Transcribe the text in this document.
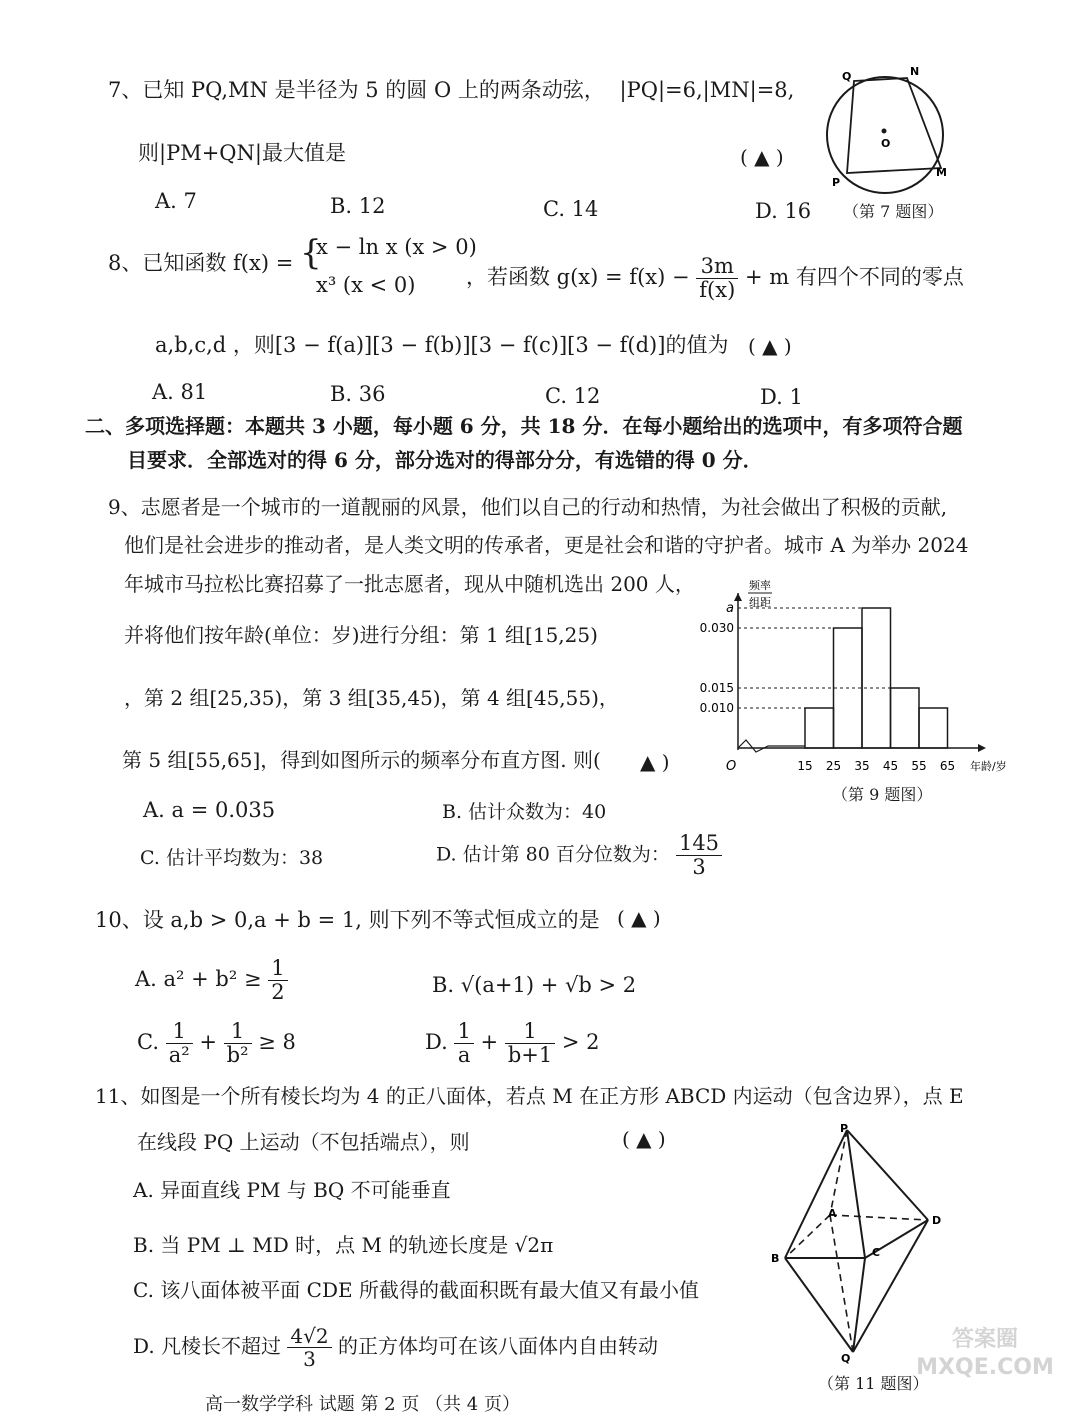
7、已知 PQ,MN 是半径为 5 的圆 O 上的两条动弦， |PQ|=6,|MN|=8,
则|PM+QN|最大值是	( ▲ )
A. 7	B. 12	C. 14	D. 16
Q	N
O
P
M
（第 7 题图）
8、已知函数 f(x) = {
x − ln x (x > 0)
x³ (x < 0) ，若函数 $g(x) = f(x) - \frac{3m}{f(x)} + m$ 有四个不同的零点
a,b,c,d ，则[3 − f(a)][3 − f(b)][3 − f(c)][3 − f(d)]的值为 ( ▲ )
A. 81	B. 36	C. 12	D. 1
二、多项选择题：本题共 3 小题，每小题 6 分，共 18 分．在每小题给出的选项中，有多项符合题
目要求．全部选对的得 6 分，部分选对的得部分分，有选错的得 0 分．
9、志愿者是一个城市的一道靓丽的风景，他们以自己的行动和热情，为社会做出了积极的贡献,
他们是社会进步的推动者，是人类文明的传承者，更是社会和谐的守护者。城市 A 为举办 2024
年城市马拉松比赛招募了一批志愿者，现从中随机选出 200 人，
并将他们按年龄(单位：岁)进行分组：第 1 组[15,25)
，第 2 组[25,35)，第 3 组[35,45)，第 4 组[45,55)，
第 5 组[55,65]，得到如图所示的频率分布直方图. 则( ▲ )
A. a = 0.035	B. 估计众数为：40
C. 估计平均数为：38	D. 估计第 80 百分位数为： $\frac{145}{3}$
a
0.030
0.015
0.010
15 25 35 45 55 65
O	年龄/岁
频率
组距
（第 9 题图）
10、设 a,b > 0,a + b = 1, 则下列不等式恒成立的是 ( ▲ )
A. $a^2 + b^2 \ge \frac{1}{2}$	B. √(a+1) + √b > 2
C. $\frac{1}{\text{a²}} + \frac{1}{\text{b²}} \ge 8$	D. $\frac{1}{a} + \frac{1}{b+1} > 2$
11、如图是一个所有棱长均为 4 的正八面体，若点 M 在正方形 ABCD 内运动（包含边界），点 E
在线段 PQ 上运动（不包括端点），则	( ▲ )
A. 异面直线 PM 与 BQ 不可能垂直
B. 当 PM ⊥ MD 时，点 M 的轨迹长度是 √2π
C. 该八面体被平面 CDE 所截得的截面积既有最大值又有最小值
D. 凡棱长不超过 $\frac{4√2}{3}$ 的正方体均可在该八面体内自由转动
P
A
D
B	C
Q
（第 11 题图）
高一数学学科 试题 第 2 页 （共 4 页）
答案圈 MXQE.COM
